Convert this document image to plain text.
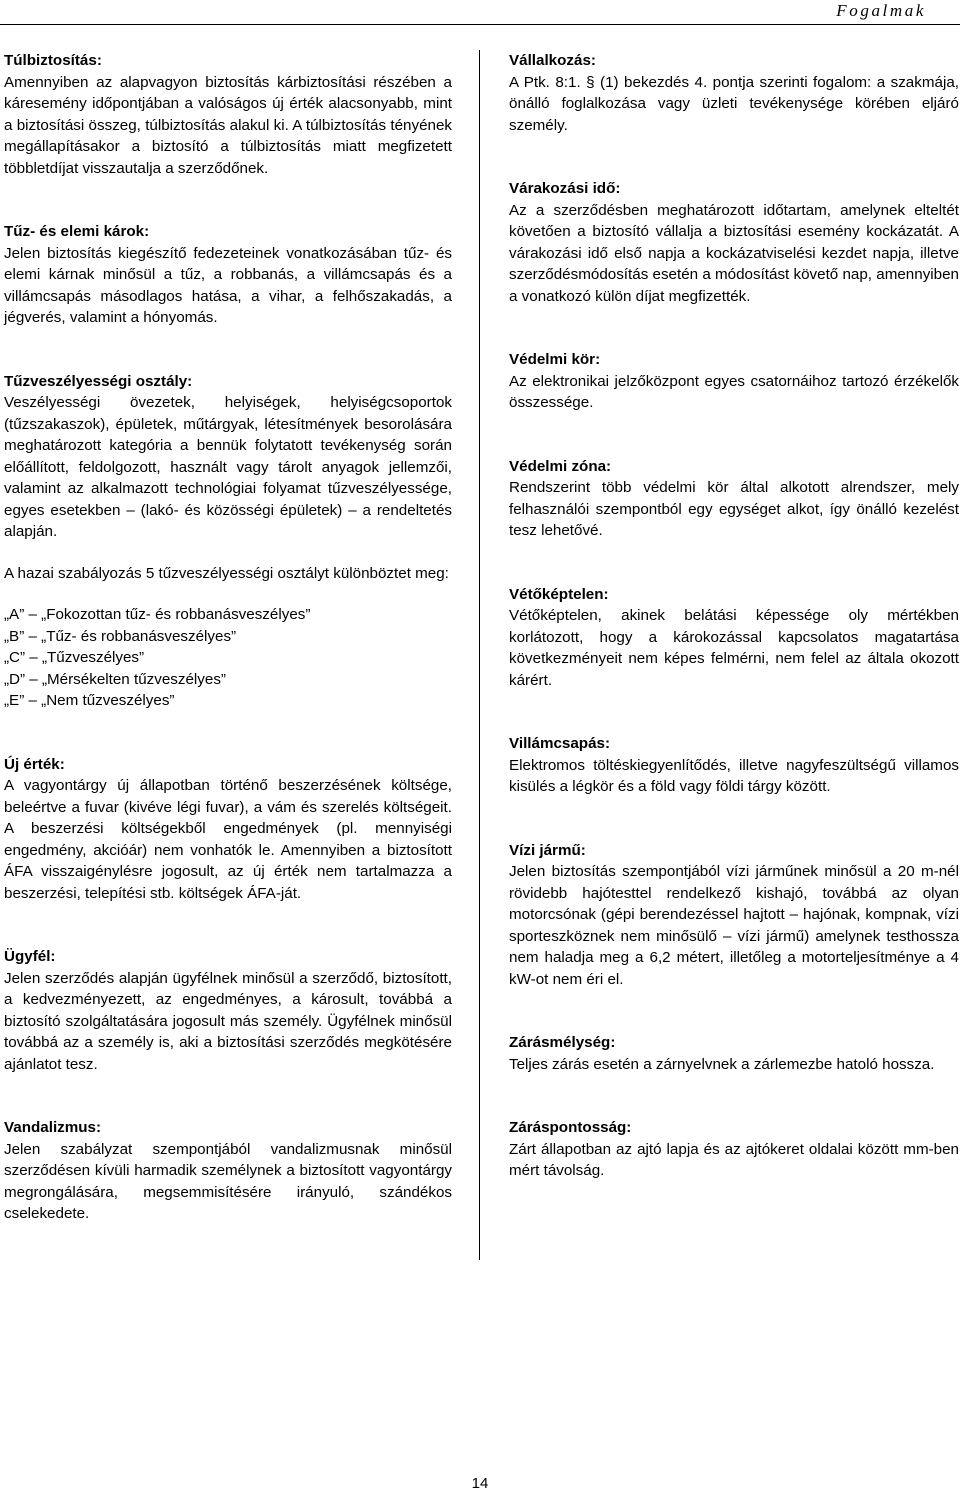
Fogalmak
Túlbiztosítás:
Amennyiben az alapvagyon biztosítás kárbiztosítási részében a káresemény időpontjában a valóságos új érték alacsonyabb, mint a biztosítási összeg, túlbiztosítás alakul ki. A túlbiztosítás tényének megállapításakor a biztosító a túlbiztosítás miatt megfizetett többletdíjat visszautalja a szerződőnek.
Tűz- és elemi károk:
Jelen biztosítás kiegészítő fedezeteinek vonatkozásában tűz- és elemi kárnak minősül a tűz, a robbanás, a villámcsapás és a villámcsapás másodlagos hatása, a vihar, a felhőszakadás, a jégverés, valamint a hónyomás.
Tűzveszélyességi osztály:
Veszélyességi övezetek, helyiségek, helyiségcsoportok (tűzszakaszok), épületek, műtárgyak, létesítmények besorolására meghatározott kategória a bennük folytatott tevékenység során előállított, feldolgozott, használt vagy tárolt anyagok jellemzői, valamint az alkalmazott technológiai folyamat tűzveszélyessége, egyes esetekben – (lakó- és közösségi épületek) – a rendeltetés alapján.
A hazai szabályozás 5 tűzveszélyességi osztályt különböztet meg:
„A” – „Fokozottan tűz- és robbanásveszélyes”
„B” – „Tűz- és robbanásveszélyes”
„C” – „Tűzveszélyes”
„D” – „Mérsékelten tűzveszélyes”
„E” – „Nem tűzveszélyes”
Új érték:
A vagyontárgy új állapotban történő beszerzésének költsége, beleértve a fuvar (kivéve légi fuvar), a vám és szerelés költségeit. A beszerzési költségekből engedmények (pl. mennyiségi engedmény, akcióár) nem vonhatók le. Amennyiben a biztosított ÁFA visszaigénylésre jogosult, az új érték nem tartalmazza a beszerzési, telepítési stb. költségek ÁFA-ját.
Ügyfél:
Jelen szerződés alapján ügyfélnek minősül a szerződő, biztosított, a kedvezményezett, az engedményes, a károsult, továbbá a biztosító szolgáltatására jogosult más személy. Ügyfélnek minősül továbbá az a személy is, aki a biztosítási szerződés megkötésére ajánlatot tesz.
Vandalizmus:
Jelen szabályzat szempontjából vandalizmusnak minősül szerződésen kívüli harmadik személynek a biztosított vagyontárgy megrongálására, megsemmisítésére irányuló, szándékos cselekedete.
Vállalkozás:
A Ptk. 8:1. § (1) bekezdés 4. pontja szerinti fogalom: a szakmája, önálló foglalkozása vagy üzleti tevékenysége körében eljáró személy.
Várakozási idő:
Az a szerződésben meghatározott időtartam, amelynek elteltét követően a biztosító vállalja a biztosítási esemény kockázatát. A várakozási idő első napja a kockázatviselési kezdet napja, illetve szerződésmódosítás esetén a módosítást követő nap, amennyiben a vonatkozó külön díjat megfizették.
Védelmi kör:
Az elektronikai jelzőközpont egyes csatornáihoz tartozó érzékelők összessége.
Védelmi zóna:
Rendszerint több védelmi kör által alkotott alrendszer, mely felhasználói szempontból egy egységet alkot, így önálló kezelést tesz lehetővé.
Vétőképtelen:
Vétőképtelen, akinek belátási képessége oly mértékben korlátozott, hogy a károkozással kapcsolatos magatartása következményeit nem képes felmérni, nem felel az általa okozott kárért.
Villámcsapás:
Elektromos töltéskiegyenlítődés, illetve nagyfeszültségű villamos kisülés a légkör és a föld vagy földi tárgy között.
Vízi jármű:
Jelen biztosítás szempontjából vízi járműnek minősül a 20 m-nél rövidebb hajótesttel rendelkező kishajó, továbbá az olyan motorcsónak (gépi berendezéssel hajtott – hajónak, kompnak, vízi sporteszköznek nem minősülő – vízi jármű) amelynek testhossza nem haladja meg a 6,2 métert, illetőleg a motorteljesítménye a 4 kW-ot nem éri el.
Zárásmélység:
Teljes zárás esetén a zárnyelvnek a zárlemezbe hatoló hossza.
Záráspontosság:
Zárt állapotban az ajtó lapja és az ajtókeret oldalai között mm-ben mért távolság.
14
